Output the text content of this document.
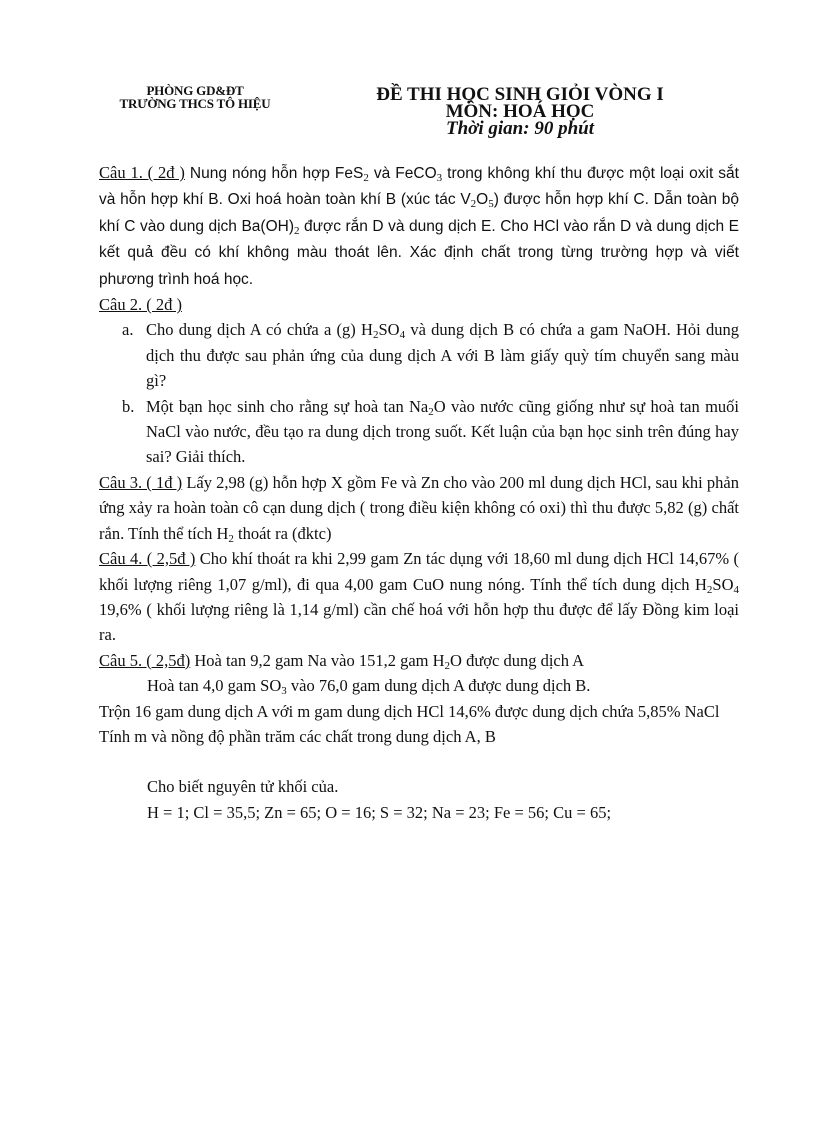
PHÒNG GD&ĐT
TRƯỜNG THCS TÔ HIỆU	ĐỀ THI HỌC SINH GIỎI VÒNG I
MÔN: HOÁ HỌC
Thời gian: 90 phút

Câu 1. ( 2đ ) Nung nóng hỗn hợp FeS$_2$ và FeCO$_3$ trong không khí thu được một loại oxit sắt và hỗn hợp khí B. Oxi hoá hoàn toàn khí B (xúc tác $V_2O_5$) được hỗn hợp khí C. Dẫn toàn bộ khí C vào dung dịch $Ba(OH)_2$ được rắn D và dung dịch E. Cho HCl vào rắn D và dung dịch E kết quả đều có khí không màu thoát lên. Xác định chất trong từng trường hợp và viết phương trình hoá học.

Câu 2. ( 2đ )

a. Cho dung dịch A có chứa a (g) $H_2SO_4$ và dung dịch B có chứa a gam NaOH. Hỏi dung dịch thu được sau phản ứng của dung dịch A với B làm giấy quỳ tím chuyển sang màu gì?
b. Một bạn học sinh cho rằng sự hoà $\tan Na_2O$ vào nước cũng giống như sự hoà tan muối NaCl vào nước, đều tạo ra dung dịch trong suốt. Kết luận của bạn học sinh trên đúng hay sai? Giải thích.

Câu 3. ( 1đ ) Lấy 2,98 (g) hỗn hợp X gồm Fe và Zn cho vào 200 ml dung dịch HCl, sau khi phản ứng xảy ra hoàn toàn cô cạn dung dịch ( trong điều kiện không có oxi) thì thu được 5,82 (g) chất rắn. Tính thể tích $H_2$ thoát ra (đktc)

Câu 4. ( 2,5đ ) Cho khí thoát ra khi 2,99 gam Zn tác dụng với 18,60 ml dung dịch HCl 14,67% ( khối lượng riêng 1,07 g/ml), đi qua 4,00 gam CuO nung nóng. Tính thể tích dung dịch $H_2SO_4$ 19,6% ( khối lượng riêng là 1,14 g/ml) cần chế hoá với hỗn hợp thu được để lấy Đồng kim loại ra.

Câu 5. ( 2,5đ) Hoà tan 9,2 gam Na vào 151,2 gam $H_2O$ được dung dịch A

Hoà tan 4,0 gam $SO_3$ vào 76,0 gam dung dịch A được dung dịch B.

Trộn 16 gam dung dịch A với m gam dung dịch HCl 14,6% được dung dịch chứa 5,85% NaCl

Tính m và nồng độ phần trăm các chất trong dung dịch A, B

Cho biết nguyên tử khối của.

H = 1; Cl = 35,5; Zn = 65; O = 16; S = 32; Na = 23; Fe = 56; Cu = 65;
